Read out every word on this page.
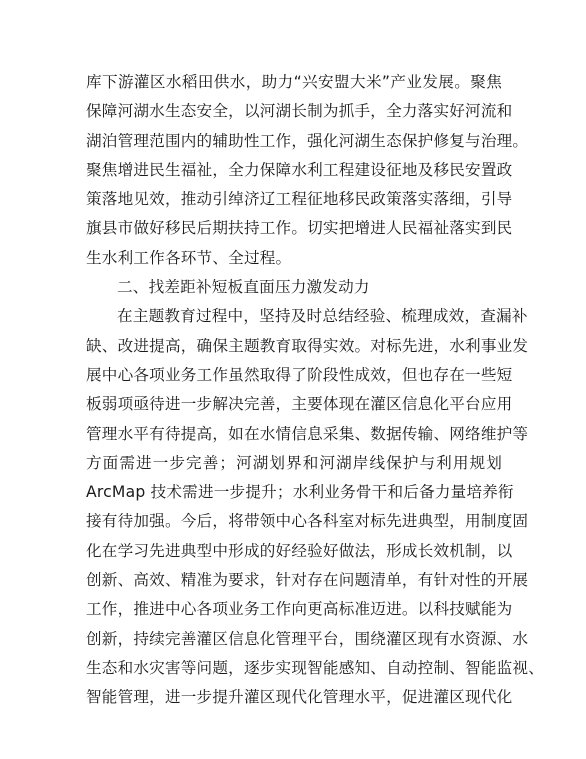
库下游灌区水稻田供水，助力“兴安盟大米”产业发展。聚焦
保障河湖水生态安全，以河湖长制为抓手，全力落实好河流和
湖泊管理范围内的辅助性工作，强化河湖生态保护修复与治理。
聚焦增进民生福祉，全力保障水利工程建设征地及移民安置政
策落地见效，推动引绰济辽工程征地移民政策落实落细，引导
旗县市做好移民后期扶持工作。切实把增进人民福祉落实到民
生水利工作各环节、全过程。
二、找差距补短板直面压力激发动力
在主题教育过程中，坚持及时总结经验、梳理成效，查漏补
缺、改进提高，确保主题教育取得实效。对标先进，水利事业发
展中心各项业务工作虽然取得了阶段性成效，但也存在一些短
板弱项亟待进一步解决完善，主要体现在灌区信息化平台应用
管理水平有待提高，如在水情信息采集、数据传输、网络维护等
方面需进一步完善；河湖划界和河湖岸线保护与利用规划
ArcMap 技术需进一步提升；水利业务骨干和后备力量培养衔
接有待加强。今后，将带领中心各科室对标先进典型，用制度固
化在学习先进典型中形成的好经验好做法，形成长效机制，以
创新、高效、精准为要求，针对存在问题清单，有针对性的开展
工作，推进中心各项业务工作向更高标准迈进。以科技赋能为
创新，持续完善灌区信息化管理平台，围绕灌区现有水资源、水
生态和水灾害等问题，逐步实现智能感知、自动控制、智能监视、
智能管理，进一步提升灌区现代化管理水平，促进灌区现代化
